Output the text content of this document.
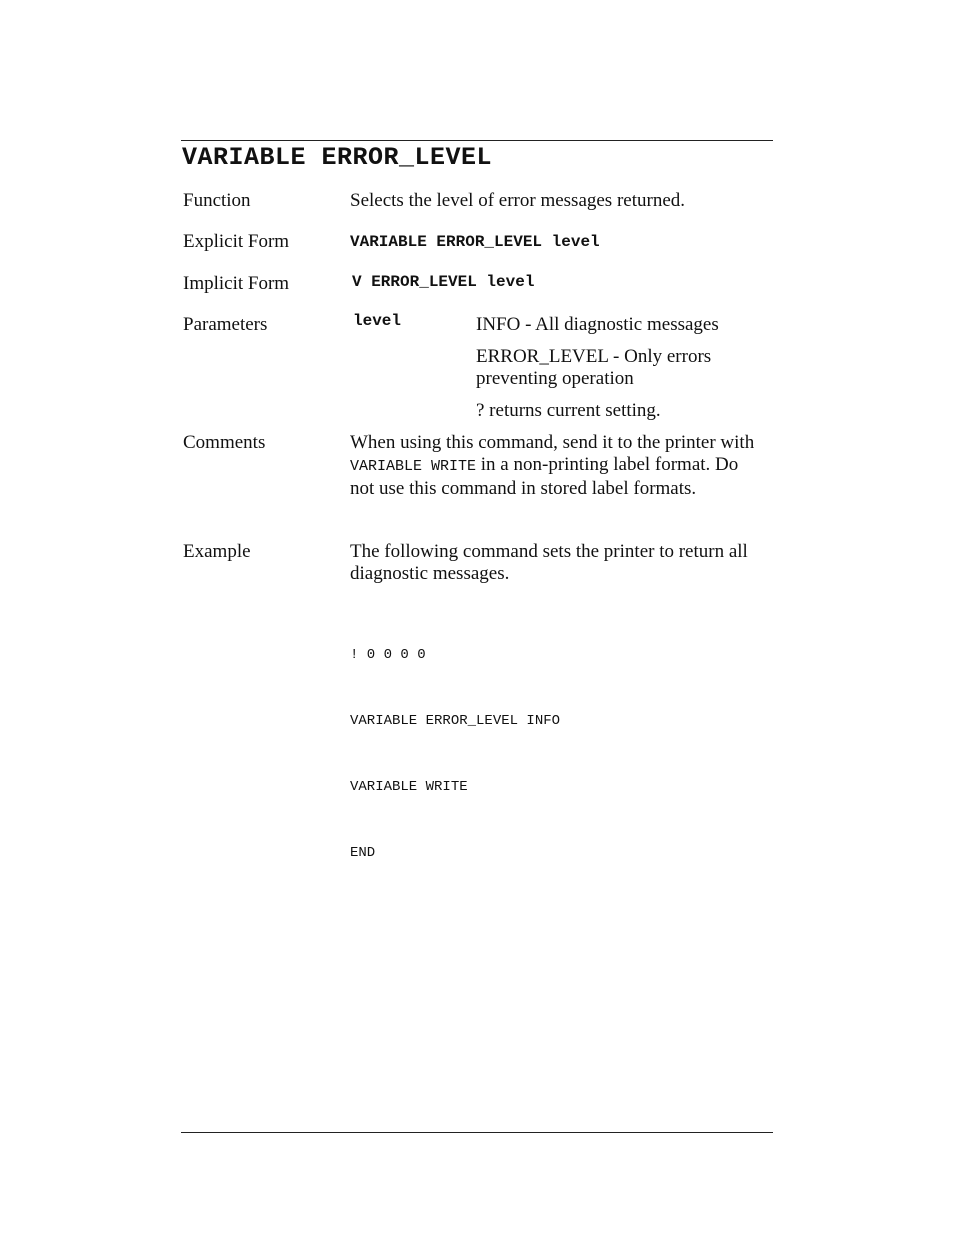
VARIABLE ERROR_LEVEL
Function	Selects the level of error messages returned.
Explicit Form	VARIABLE ERROR_LEVEL level
Implicit Form	V ERROR_LEVEL level
Parameters	level	INFO - All diagnostic messages
ERROR_LEVEL - Only errors preventing operation
? returns current setting.
Comments	When using this command, send it to the printer with VARIABLE WRITE in a non-printing label format. Do not use this command in stored label formats.
Example	The following command sets the printer to return all diagnostic messages.

! 0 0 0 0

VARIABLE ERROR_LEVEL INFO

VARIABLE WRITE

END
